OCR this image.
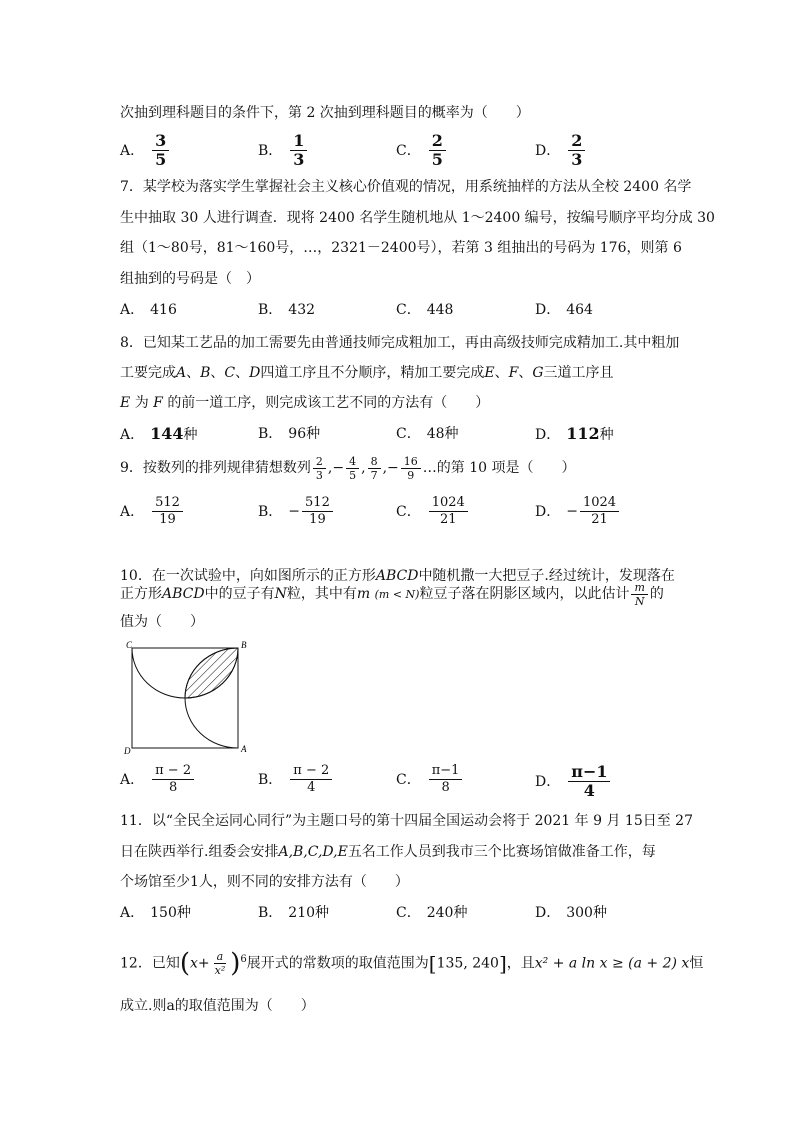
次抽到理科题目的条件下，第 2 次抽到理科题目的概率为（　　）
A． $\frac{3}{5}$	B． $\frac{1}{3}$	C． $\frac{2}{5}$	D． $\frac{2}{3}$
7．某学校为落实学生掌握社会主义核心价值观的情况，用系统抽样的方法从全校 2400 名学
生中抽取 30 人进行调查．现将 2400 名学生随机地从 1～2400 编号，按编号顺序平均分成 30
组（1～80号，81～160号，…，2321－2400号），若第 3 组抽出的号码为 176，则第 6
组抽到的号码是（　）
A． 416	B． 432	C． 448	D． 464
8．已知某工艺品的加工需要先由普通技师完成粗加工，再由高级技师完成精加工.其中粗加
工要完成A、B、C、D四道工序且不分顺序，精加工要完成E、F、G三道工序且
E 为 F 的前一道工序，则完成该工艺不同的方法有（　　）
A． 144种	B． 96种	C． 48种	D． 112种
9．按数列的排列规律猜想数列 $\frac{2}{3}$ ,− $\frac{4}{5}$ , $\frac{8}{7}$ ,− $\frac{16}{9}$ …的第 10 项是（　　）
A． $\frac{512}{19}$	B． − $\frac{512}{19}$	C． $\frac{1024}{21}$	D． − $\frac{1024}{21}$
10．在一次试验中，向如图所示的正方形ABCD中随机撒一大把豆子.经过统计，发现落在
正方形ABCD中的豆子有N粒，其中有m (m < N)粒豆子落在阴影区域内，以此估计 $\frac{m}{N}$ 的
值为（　　）
C	B
D	A
A． $\frac{\pi - 2}{8}$	B． $\frac{\pi - 2}{4}$	C． $\frac{\pi-1}{8}$	D． $\frac{\pi-1}{4}$
11．以“全民全运同心同行”为主题口号的第十四届全国运动会将于 2021 年 9 月 15日至 27
日在陕西举行.组委会安排A,B,C,D,E五名工作人员到我市三个比赛场馆做准备工作，每
个场馆至少1人，则不同的安排方法有（　　）
A． 150种	B． 210种	C． 240种	D． 300种
12．已知$(x+ \frac{a}{\text{x²}} )^6$展开式的常数项的取值范围为[135, 240]，且x² + a ln x ≥ (a + 2) x恒
成立.则a的取值范围为（　　）
